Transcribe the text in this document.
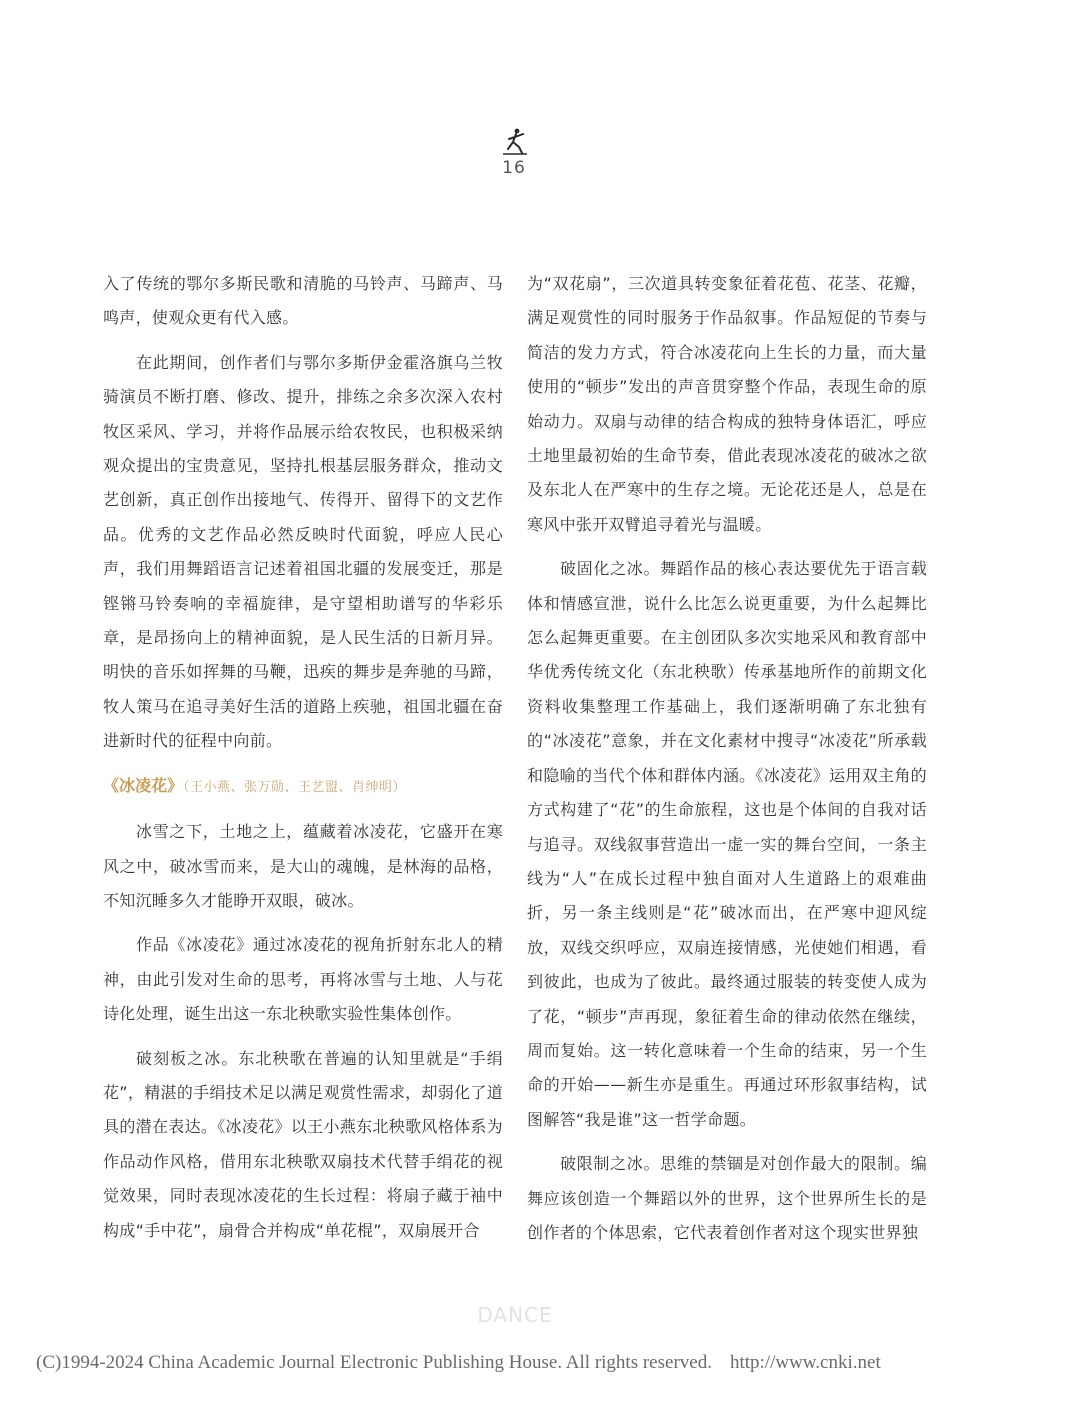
16

入了传统的鄂尔多斯民歌和清脆的马铃声、马蹄声、马鸣声，使观众更有代入感。

在此期间，创作者们与鄂尔多斯伊金霍洛旗乌兰牧骑演员不断打磨、修改、提升，排练之余多次深入农村牧区采风、学习，并将作品展示给农牧民，也积极采纳观众提出的宝贵意见，坚持扎根基层服务群众，推动文艺创新，真正创作出接地气、传得开、留得下的文艺作品。优秀的文艺作品必然反映时代面貌，呼应人民心声，我们用舞蹈语言记述着祖国北疆的发展变迁，那是铿锵马铃奏响的幸福旋律，是守望相助谱写的华彩乐章，是昂扬向上的精神面貌，是人民生活的日新月异。明快的音乐如挥舞的马鞭，迅疾的舞步是奔驰的马蹄，牧人策马在追寻美好生活的道路上疾驰，祖国北疆在奋进新时代的征程中向前。

《冰凌花》（王小燕、张万勋、王艺盟、肖绅明）

冰雪之下，土地之上，蕴藏着冰凌花，它盛开在寒风之中，破冰雪而来，是大山的魂魄，是林海的品格，不知沉睡多久才能睁开双眼，破冰。

作品《冰凌花》通过冰凌花的视角折射东北人的精神，由此引发对生命的思考，再将冰雪与土地、人与花诗化处理，诞生出这一东北秧歌实验性集体创作。

破刻板之冰。东北秧歌在普遍的认知里就是“手绢花”，精湛的手绢技术足以满足观赏性需求，却弱化了道具的潜在表达。《冰凌花》以王小燕东北秧歌风格体系为作品动作风格，借用东北秧歌双扇技术代替手绢花的视觉效果，同时表现冰凌花的生长过程：将扇子藏于袖中构成“手中花”，扇骨合并构成“单花棍”，双扇展开合

为“双花扇”，三次道具转变象征着花苞、花茎、花瓣，满足观赏性的同时服务于作品叙事。作品短促的节奏与简洁的发力方式，符合冰凌花向上生长的力量，而大量使用的“顿步”发出的声音贯穿整个作品，表现生命的原始动力。双扇与动律的结合构成的独特身体语汇，呼应土地里最初始的生命节奏，借此表现冰凌花的破冰之欲及东北人在严寒中的生存之境。无论花还是人，总是在寒风中张开双臂追寻着光与温暖。

破固化之冰。舞蹈作品的核心表达要优先于语言载体和情感宣泄，说什么比怎么说更重要，为什么起舞比怎么起舞更重要。在主创团队多次实地采风和教育部中华优秀传统文化（东北秧歌）传承基地所作的前期文化资料收集整理工作基础上，我们逐渐明确了东北独有的“冰凌花”意象，并在文化素材中搜寻“冰凌花”所承载和隐喻的当代个体和群体内涵。《冰凌花》运用双主角的方式构建了“花”的生命旅程，这也是个体间的自我对话与追寻。双线叙事营造出一虚一实的舞台空间，一条主线为“人”在成长过程中独自面对人生道路上的艰难曲折，另一条主线则是“花”破冰而出，在严寒中迎风绽放，双线交织呼应，双扇连接情感，光使她们相遇，看到彼此，也成为了彼此。最终通过服装的转变使人成为了花，“顿步”声再现，象征着生命的律动依然在继续，周而复始。这一转化意味着一个生命的结束，另一个生命的开始——新生亦是重生。再通过环形叙事结构，试图解答“我是谁”这一哲学命题。

破限制之冰。思维的禁锢是对创作最大的限制。编舞应该创造一个舞蹈以外的世界，这个世界所生长的是创作者的个体思索，它代表着创作者对这个现实世界独

DANCE
(C)1994-2024 China Academic Journal Electronic Publishing House. All rights reserved. http://www.cnki.net
